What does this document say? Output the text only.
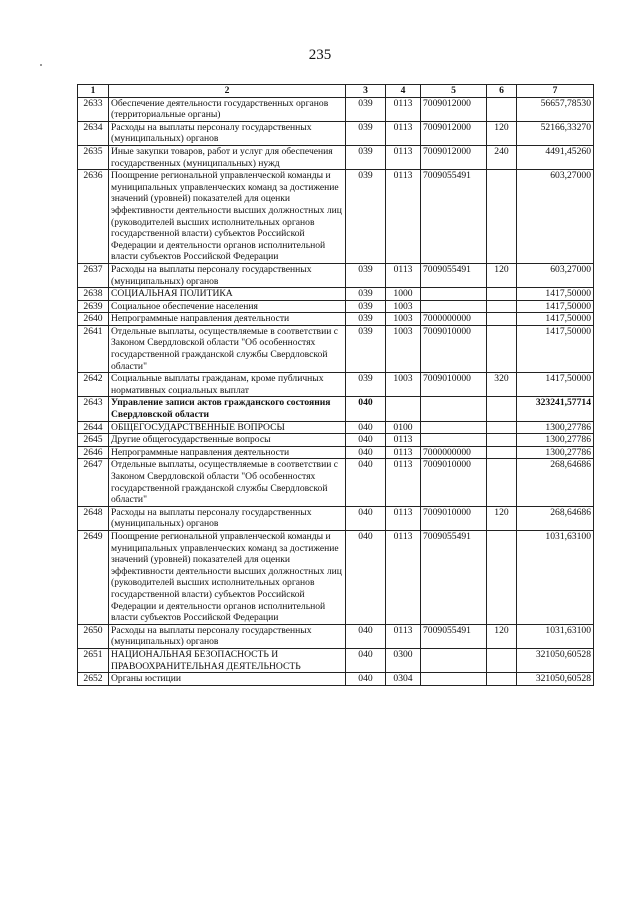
235
1	2	3	4	5	6	7
2633	Обеспечение деятельности государственных органов (территориальные органы)	039	0113	7009012000		56657,78530
2634	Расходы на выплаты персоналу государственных (муниципальных) органов	039	0113	7009012000	120	52166,33270
2635	Иные закупки товаров, работ и услуг для обеспечения государственных (муниципальных) нужд	039	0113	7009012000	240	4491,45260
2636	Поощрение региональной управленческой команды и муниципальных управленческих команд за достижение значений (уровней) показателей для оценки эффективности деятельности высших должностных лиц (руководителей высших исполнительных органов государственной власти) субъектов Российской Федерации и деятельности органов исполнительной власти субъектов Российской Федерации	039	0113	7009055491		603,27000
2637	Расходы на выплаты персоналу государственных (муниципальных) органов	039	0113	7009055491	120	603,27000
2638	СОЦИАЛЬНАЯ ПОЛИТИКА	039	1000			1417,50000
2639	Социальное обеспечение населения	039	1003			1417,50000
2640	Непрограммные направления деятельности	039	1003	7000000000		1417,50000
2641	Отдельные выплаты, осуществляемые в соответствии с Законом Свердловской области "Об особенностях государственной гражданской службы Свердловской области"	039	1003	7009010000		1417,50000
2642	Социальные выплаты гражданам, кроме публичных нормативных социальных выплат	039	1003	7009010000	320	1417,50000
2643	Управление записи актов гражданского состояния Свердловской области	040				323241,57714
2644	ОБЩЕГОСУДАРСТВЕННЫЕ ВОПРОСЫ	040	0100			1300,27786
2645	Другие общегосударственные вопросы	040	0113			1300,27786
2646	Непрограммные направления деятельности	040	0113	7000000000		1300,27786
2647	Отдельные выплаты, осуществляемые в соответствии с Законом Свердловской области "Об особенностях государственной гражданской службы Свердловской области"	040	0113	7009010000		268,64686
2648	Расходы на выплаты персоналу государственных (муниципальных) органов	040	0113	7009010000	120	268,64686
2649	Поощрение региональной управленческой команды и муниципальных управленческих команд за достижение значений (уровней) показателей для оценки эффективности деятельности высших должностных лиц (руководителей высших исполнительных органов государственной власти) субъектов Российской Федерации и деятельности органов исполнительной власти субъектов Российской Федерации	040	0113	7009055491		1031,63100
2650	Расходы на выплаты персоналу государственных (муниципальных) органов	040	0113	7009055491	120	1031,63100
2651	НАЦИОНАЛЬНАЯ БЕЗОПАСНОСТЬ И ПРАВООХРАНИТЕЛЬНАЯ ДЕЯТЕЛЬНОСТЬ	040	0300			321050,60528
2652	Органы юстиции	040	0304			321050,60528
